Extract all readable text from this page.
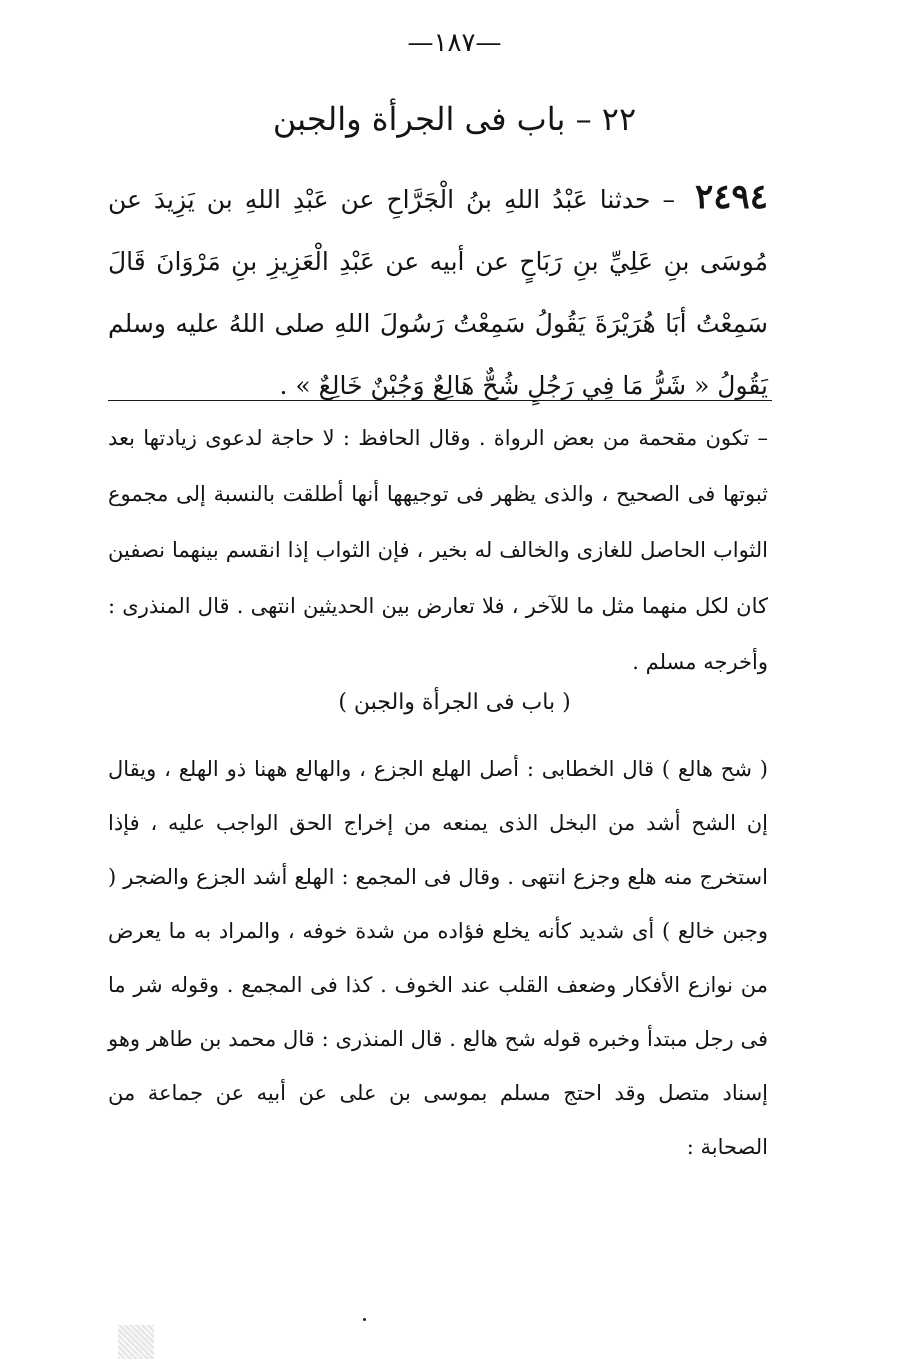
—١٨٧—
٢٢ – باب فى الجرأة والجبن
٢٤٩٤ – حدثنا عَبْدُ اللهِ بنُ الْجَرَّاحِ عن عَبْدِ اللهِ بن يَزِيدَ عن مُوسَى بنِ عَلِيِّ بنِ رَبَاحٍ عن أبيه عن عَبْدِ الْعَزِيزِ بنِ مَرْوَانَ قَالَ سَمِعْتُ أبَا هُرَيْرَةَ يَقُولُ سَمِعْتُ رَسُولَ اللهِ صلى اللهُ عليه وسلم يَقُولُ « شَرُّ مَا فِي رَجُلٍ شُحٌّ هَالِعٌ وَجُبْنٌ خَالِعٌ » .
– تكون مقحمة من بعض الرواة . وقال الحافظ : لا حاجة لدعوى زيادتها بعد ثبوتها فى الصحيح ، والذى يظهر فى توجيهها أنها أطلقت بالنسبة إلى مجموع الثواب الحاصل للغازى والخالف له بخير ، فإن الثواب إذا انقسم بينهما نصفين كان لكل منهما مثل ما للآخر ، فلا تعارض بين الحديثين انتهى . قال المنذرى : وأخرجه مسلم .
( باب فى الجرأة والجبن )
( شح هالع ) قال الخطابى : أصل الهلع الجزع ، والهالع ههنا ذو الهلع ، ويقال إن الشح أشد من البخل الذى يمنعه من إخراج الحق الواجب عليه ، فإذا استخرج منه هلع وجزع انتهى . وقال فى المجمع : الهلع أشد الجزع والضجر ( وجبن خالع ) أى شديد كأنه يخلع فؤاده من شدة خوفه ، والمراد به ما يعرض من نوازع الأفكار وضعف القلب عند الخوف . كذا فى المجمع . وقوله شر ما فى رجل مبتدأ وخبره قوله شح هالع . قال المنذرى : قال محمد بن طاهر وهو إسناد متصل وقد احتج مسلم بموسى بن على عن أبيه عن جماعة من الصحابة :
